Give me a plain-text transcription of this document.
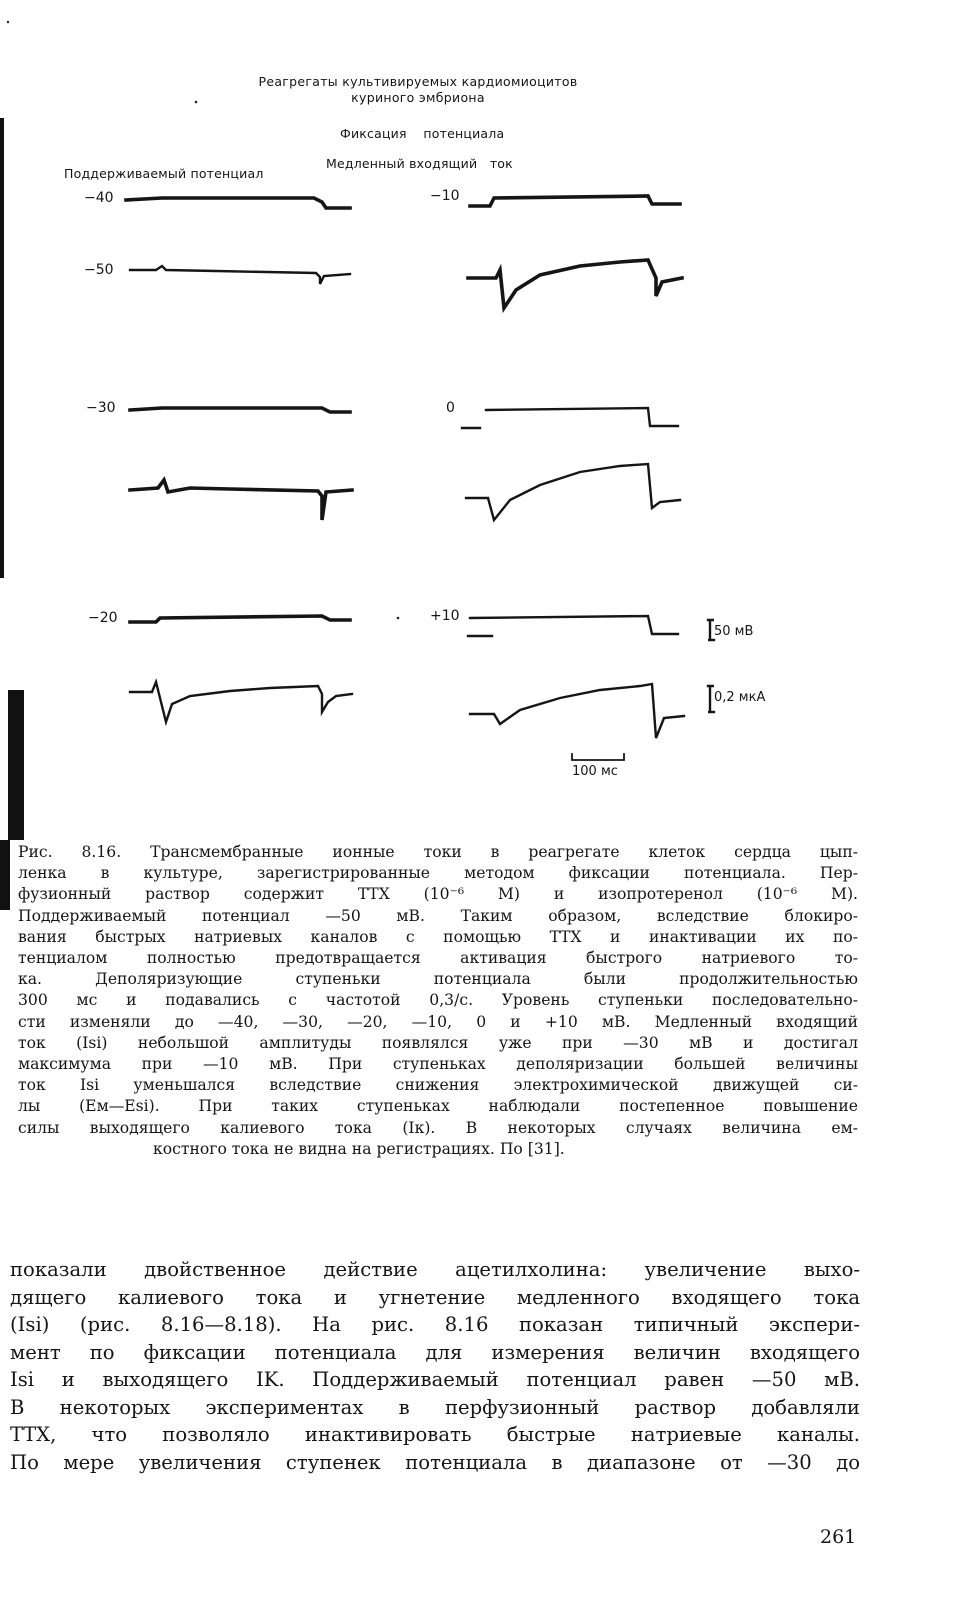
Реагрегаты культивируемых кардиомиоцитов
куриного эмбриона
Фиксация    потенциала
Поддерживаемый потенциал
Медленный входящий   ток
−40
−50
−30
−20
−10
0
+10
50 мВ
0,2 мкА
100 мс
Рис. 8.16. Трансмембранные ионные токи в реагрегате клеток сердца цып-
ленка в культуре, зарегистрированные методом фиксации потенциала. Пер-
фузионный раствор содержит ТТХ (10⁻⁶ М) и изопротеренол (10⁻⁶ М).
Поддерживаемый потенциал —50 мВ. Таким образом, вследствие блокиро-
вания быстрых натриевых каналов с помощью ТТХ и инактивации их по-
тенциалом полностью предотвращается активация быстрого натриевого то-
ка. Деполяризующие ступеньки потенциала были продолжительностью
300 мс и подавались с частотой 0,3/с. Уровень ступеньки последовательно-
сти изменяли до —40, —30, —20, —10, 0 и +10 мВ. Медленный входящий
ток (Isi) небольшой амплитуды появлялся уже при —30 мВ и достигал
максимума при —10 мВ. При ступеньках деполяризации большей величины
ток Isi уменьшался вследствие снижения электрохимической движущей си-
лы (Ем—Esi). При таких ступеньках наблюдали постепенное повышение
силы выходящего калиевого тока (Iк). В некоторых случаях величина ем-
костного тока не видна на регистрациях. По [31].
показали двойственное действие ацетилхолина: увеличение выхо-
дящего калиевого тока и угнетение медленного входящего тока
(Isi) (рис. 8.16—8.18). На рис. 8.16 показан типичный экспери-
мент по фиксации потенциала для измерения величин входящего
Isi и выходящего IK. Поддерживаемый потенциал равен —50 мВ.
В некоторых экспериментах в перфузионный раствор добавляли
ТТХ, что позволяло инактивировать быстрые натриевые каналы.
По мере увеличения ступенек потенциала в диапазоне от —30 до
261
